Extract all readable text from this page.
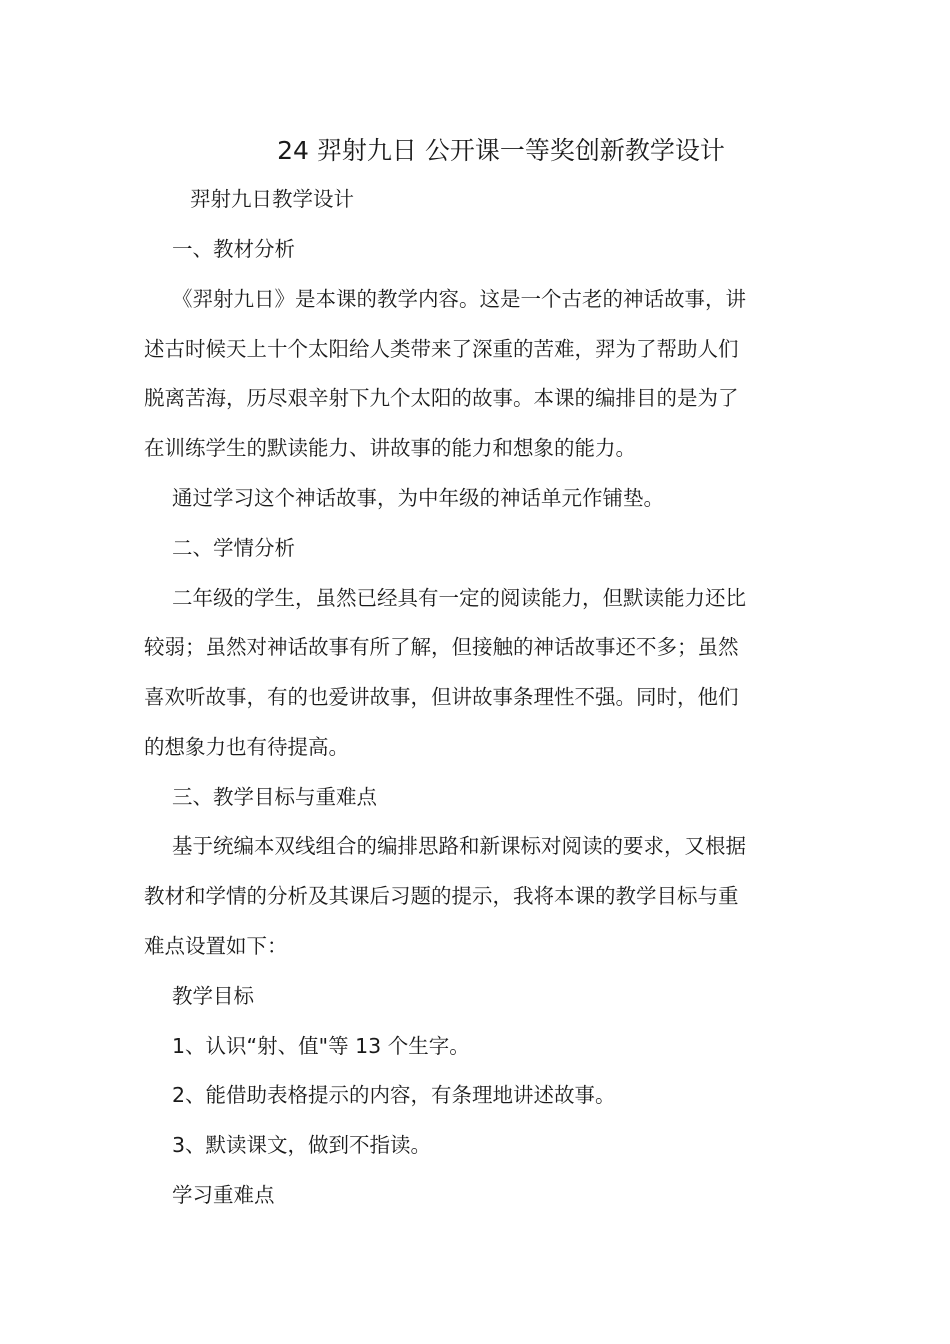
24 羿射九日 公开课一等奖创新教学设计
羿射九日教学设计
一、教材分析
《羿射九日》是本课的教学内容。这是一个古老的神话故事，讲
述古时候天上十个太阳给人类带来了深重的苦难，羿为了帮助人们
脱离苦海，历尽艰辛射下九个太阳的故事。本课的编排目的是为了
在训练学生的默读能力、讲故事的能力和想象的能力。
通过学习这个神话故事，为中年级的神话单元作铺垫。
二、学情分析
二年级的学生，虽然已经具有一定的阅读能力，但默读能力还比
较弱；虽然对神话故事有所了解，但接触的神话故事还不多；虽然
喜欢听故事，有的也爱讲故事，但讲故事条理性不强。同时，他们
的想象力也有待提高。
三、教学目标与重难点
基于统编本双线组合的编排思路和新课标对阅读的要求，又根据
教材和学情的分析及其课后习题的提示，我将本课的教学目标与重
难点设置如下：
教学目标
1、认识“射、值"等 13 个生字。
2、能借助表格提示的内容，有条理地讲述故事。
3、默读课文，做到不指读。
学习重难点
